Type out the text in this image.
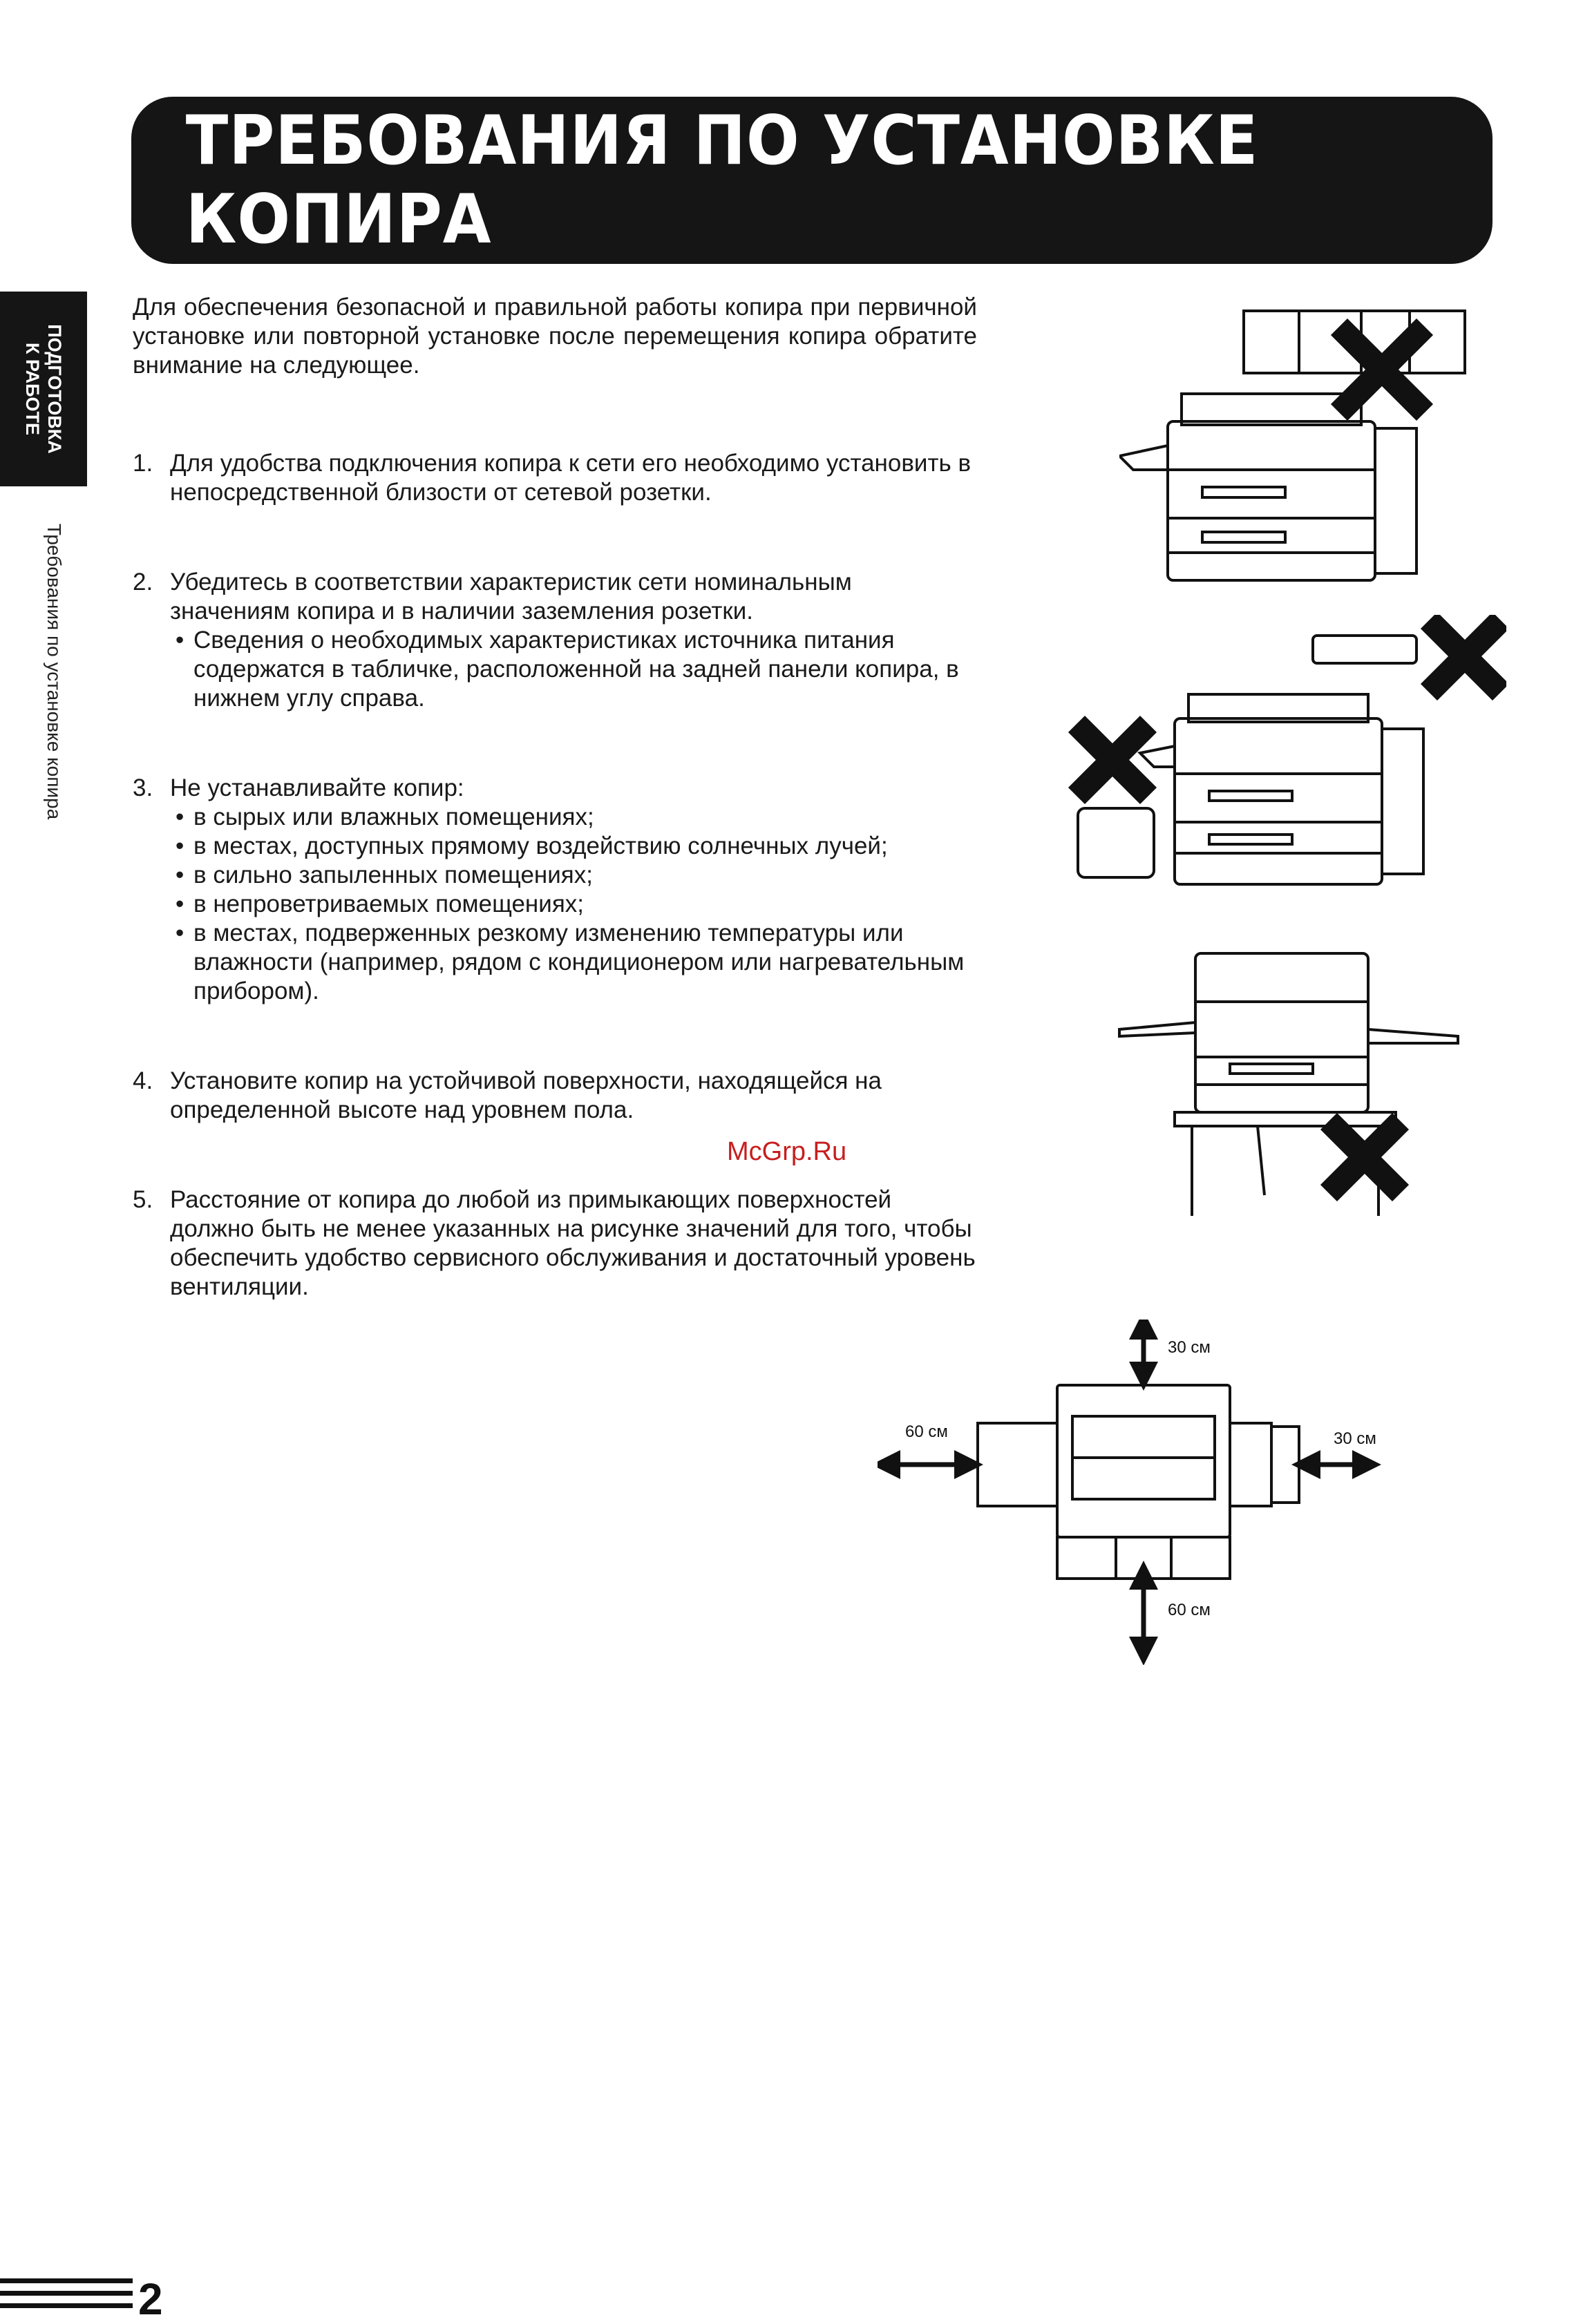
ТРЕБОВАНИЯ ПО УСТАНОВКЕ КОПИРА
ПОДГОТОВКА
К РАБОТЕ
Требования по установке копира

Для обеспечения безопасной и правильной работы копира при первичной установке или повторной установке после перемещения копира обратите внимание на следующее.

1. Для удобства подключения копира к сети его необходимо установить в непосредственной близости от сетевой розетки.
2. Убедитесь в соответствии характеристик сети номинальным значениям копира и в наличии заземления розетки.
• Сведения о необходимых характеристиках источника питания содержатся в табличке, расположенной на задней панели копира, в нижнем углу справа.
3. Не устанавливайте копир:
• в сырых или влажных помещениях;
• в местах, доступных прямому воздействию солнечных лучей;
• в сильно запыленных помещениях;
• в непроветриваемых помещениях;
• в местах, подверженных резкому изменению температуры или влажности (например, рядом с кондиционером или нагревательным прибором).
4. Установите копир на устойчивой поверхности, находящейся на определенной высоте над уровнем пола.
5. Расстояние от копира до любой из примыкающих поверхностей должно быть не менее указанных на рисунке значений для того, чтобы обеспечить удобство сервисного обслуживания и достаточный уровень вентиляции.
McGrp.Ru
30 см
60 см	30 см
60 см
2
